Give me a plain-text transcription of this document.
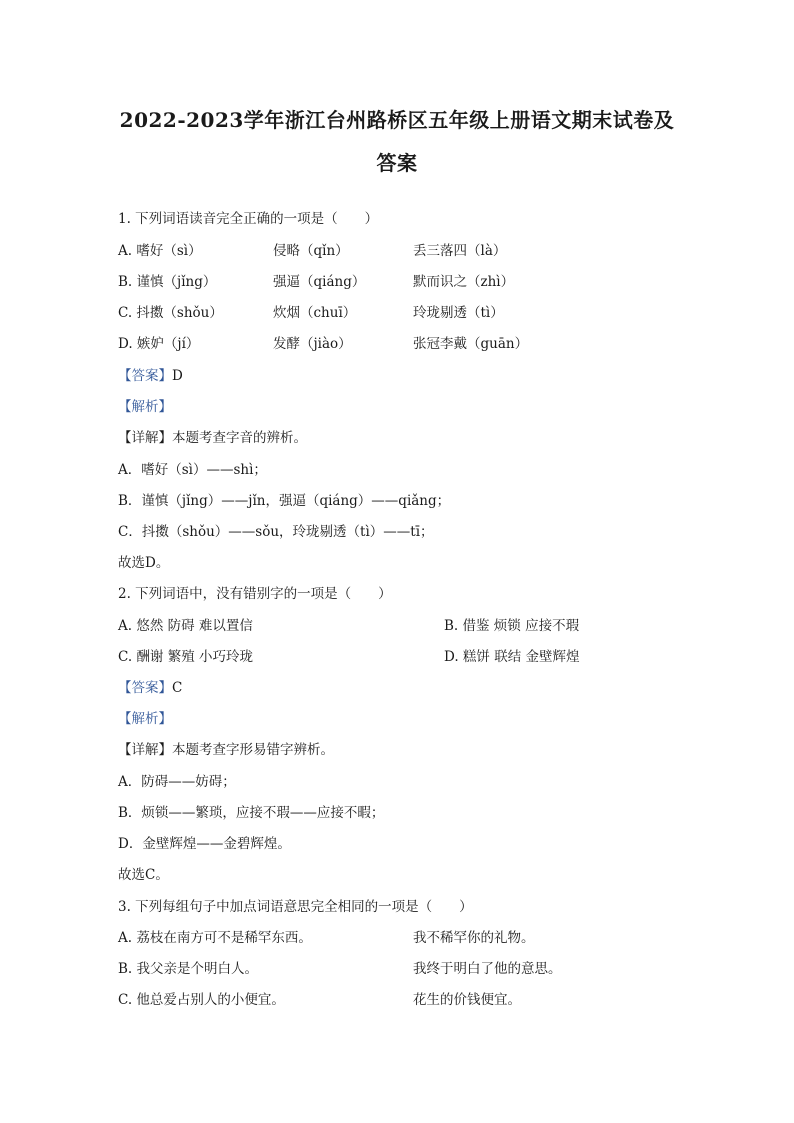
2022-2023学年浙江台州路桥区五年级上册语文期末试卷及
答案
1. 下列词语读音完全正确的一项是（　　）
A. 嗜好（sì）	侵略（qǐn）	丢三落四（là）
B. 谨慎（jǐng）	强逼（qiáng）	默而识之（zhì）
C. 抖擞（shǒu）	炊烟（chuī）	玲珑剔透（tì）
D. 嫉妒（jí）	发酵（jiào）	张冠李戴（guān）
【答案】D
【解析】
【详解】本题考查字音的辨析。
A．嗜好（sì）——shì；
B．谨慎（jǐng）——jǐn，强逼（qiáng）——qiǎng；
C．抖擞（shǒu）——sǒu，玲珑剔透（tì）——tī；
故选D。
2. 下列词语中，没有错别字的一项是（　　）
A. 悠然 防碍 难以置信	B. 借鉴 烦锁 应接不瑕
C. 酬谢 繁殖 小巧玲珑	D. 糕饼 联结 金壁辉煌
【答案】C
【解析】
【详解】本题考查字形易错字辨析。
A．防碍——妨碍；
B．烦锁——繁琐，应接不瑕——应接不暇；
D．金壁辉煌——金碧辉煌。
故选C。
3. 下列每组句子中加点词语意思完全相同的一项是（　　）
A. 荔枝在南方可不是稀罕东西。	我不稀罕你的礼物。
B. 我父亲是个明白人。	我终于明白了他的意思。
C. 他总爱占别人的小便宜。	花生的价钱便宜。
